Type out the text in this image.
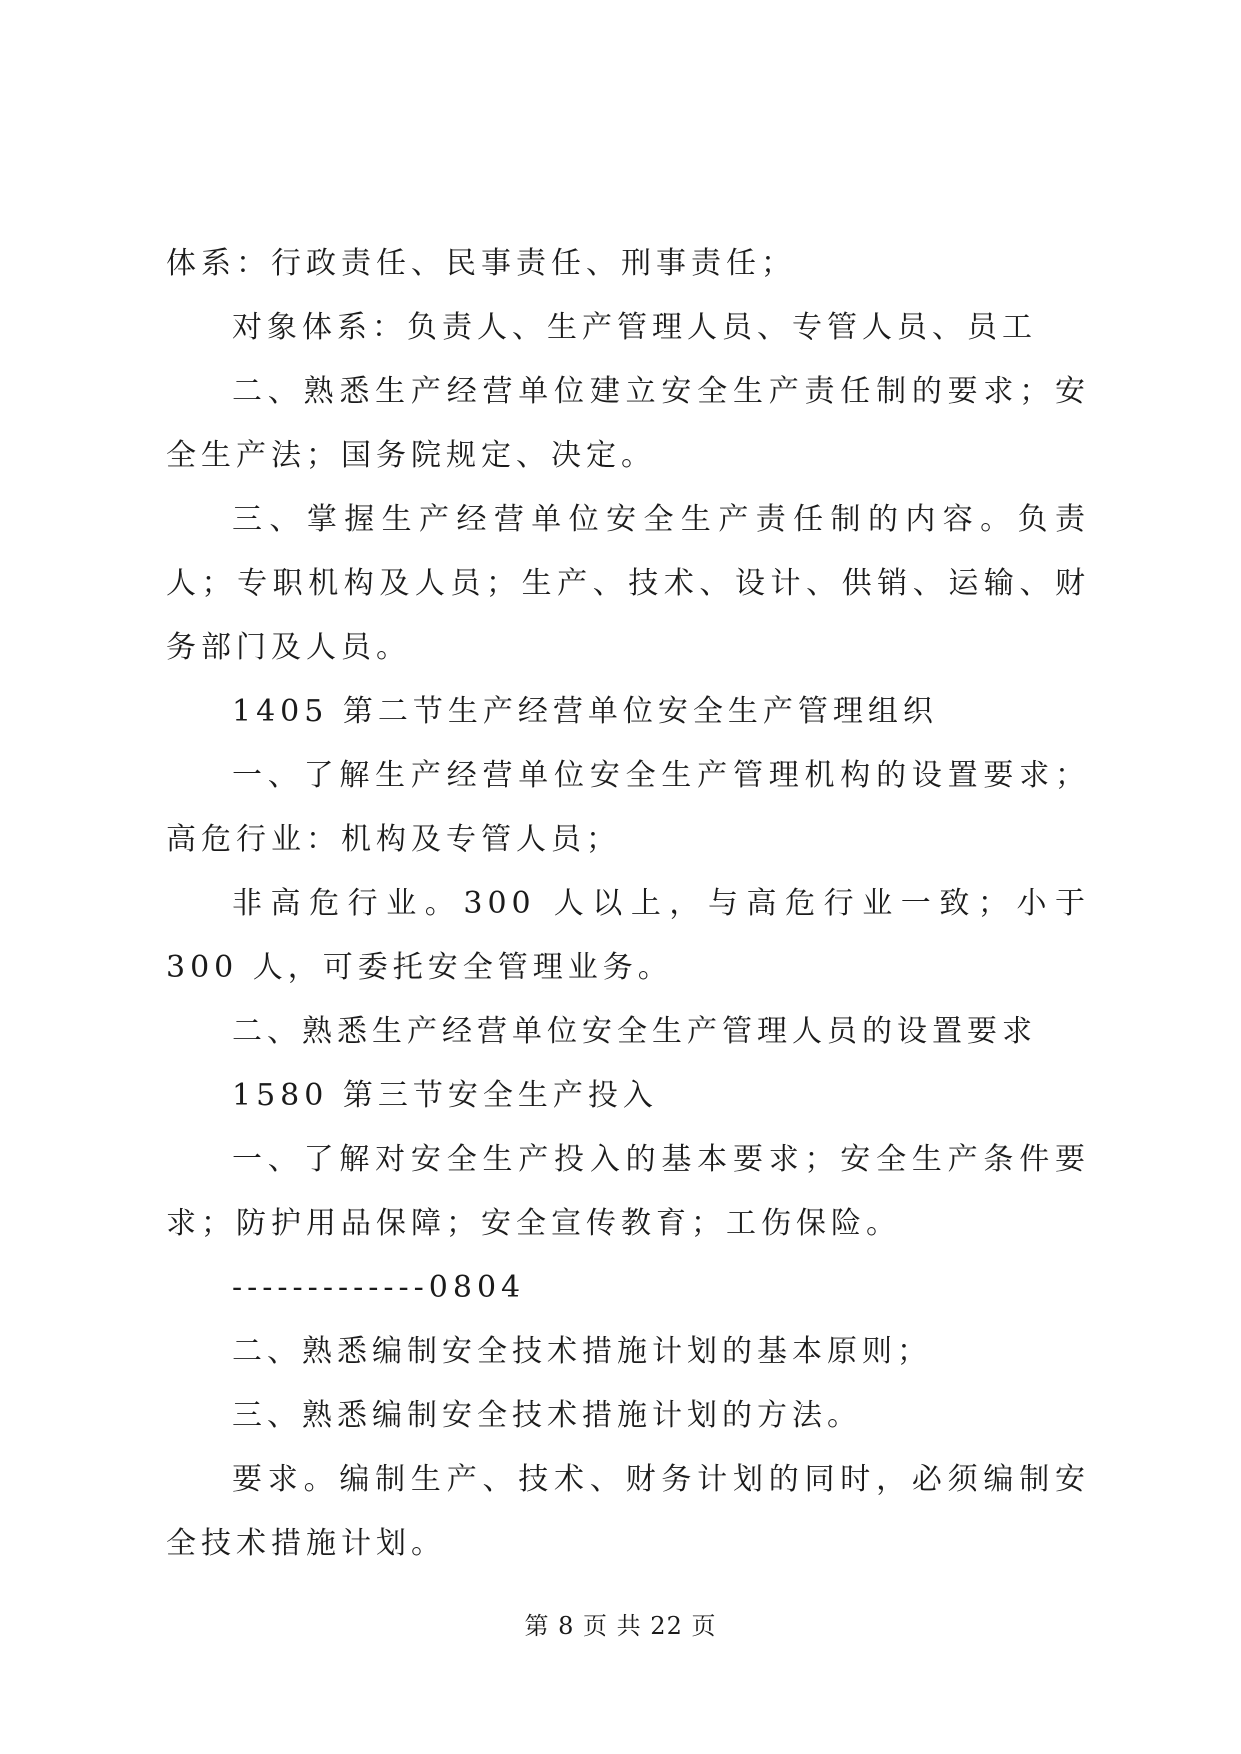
体系：行政责任、民事责任、刑事责任；

对象体系：负责人、生产管理人员、专管人员、员工

二、熟悉生产经营单位建立安全生产责任制的要求；安全生产法；国务院规定、决定。

三、掌握生产经营单位安全生产责任制的内容。负责人；专职机构及人员；生产、技术、设计、供销、运输、财务部门及人员。

1405 第二节生产经营单位安全生产管理组织

一、了解生产经营单位安全生产管理机构的设置要求；高危行业：机构及专管人员；

非高危行业。300 人以上，与高危行业一致；小于 300 人，可委托安全管理业务。

二、熟悉生产经营单位安全生产管理人员的设置要求

1580 第三节安全生产投入

一、了解对安全生产投入的基本要求；安全生产条件要求；防护用品保障；安全宣传教育；工伤保险。

-------------0804

二、熟悉编制安全技术措施计划的基本原则；

三、熟悉编制安全技术措施计划的方法。

要求。编制生产、技术、财务计划的同时，必须编制安全技术措施计划。

第 8 页 共 22 页
